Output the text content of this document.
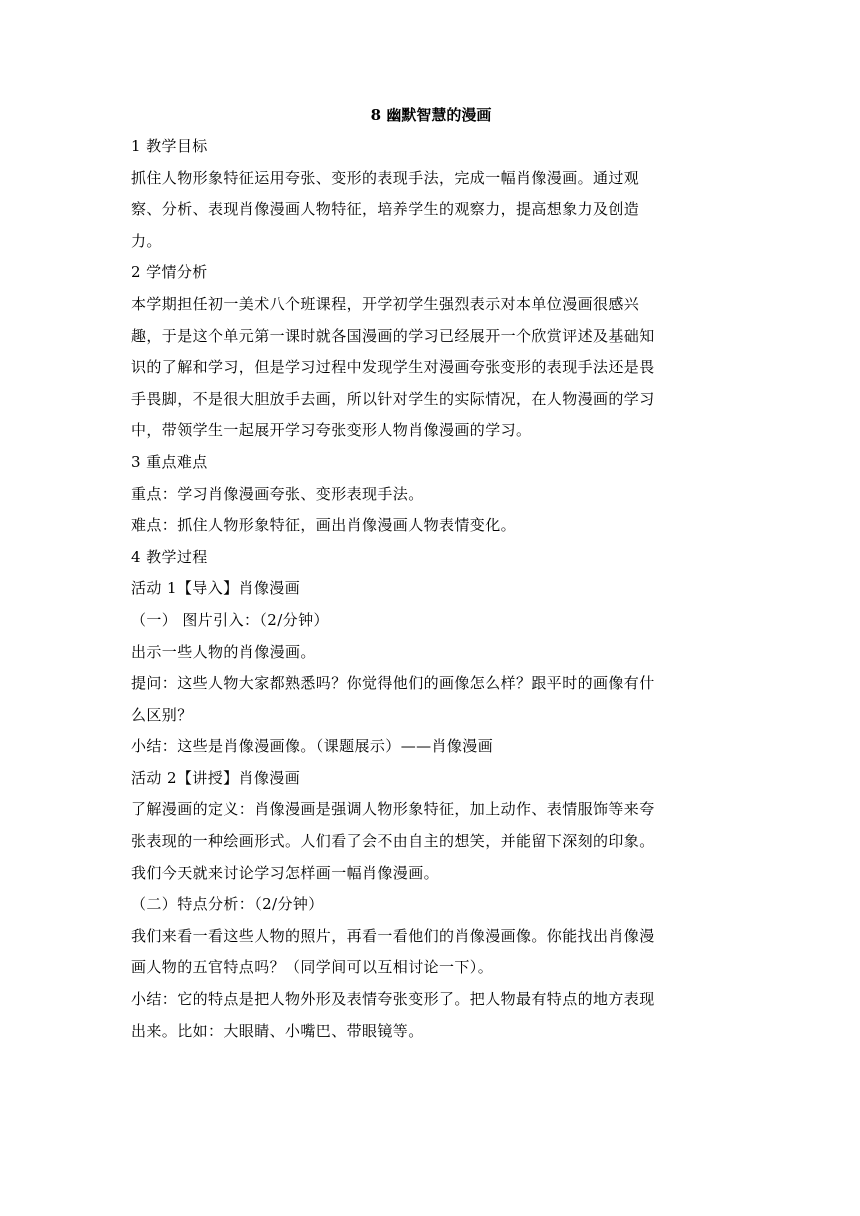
8 幽默智慧的漫画

1 教学目标

抓住人物形象特征运用夸张、变形的表现手法，完成一幅肖像漫画。通过观

察、分析、表现肖像漫画人物特征，培养学生的观察力，提高想象力及创造

力。

2 学情分析

本学期担任初一美术八个班课程，开学初学生强烈表示对本单位漫画很感兴

趣，于是这个单元第一课时就各国漫画的学习已经展开一个欣赏评述及基础知

识的了解和学习，但是学习过程中发现学生对漫画夸张变形的表现手法还是畏

手畏脚，不是很大胆放手去画，所以针对学生的实际情况，在人物漫画的学习

中，带领学生一起展开学习夸张变形人物肖像漫画的学习。

3 重点难点

重点：学习肖像漫画夸张、变形表现手法。

难点：抓住人物形象特征，画出肖像漫画人物表情变化。

4 教学过程

活动 1【导入】肖像漫画

（一） 图片引入：（2/分钟）

出示一些人物的肖像漫画。

提问：这些人物大家都熟悉吗？你觉得他们的画像怎么样？跟平时的画像有什

么区别？

小结：这些是肖像漫画像。（课题展示）——肖像漫画

活动 2【讲授】肖像漫画

了解漫画的定义：肖像漫画是强调人物形象特征，加上动作、表情服饰等来夸

张表现的一种绘画形式。人们看了会不由自主的想笑，并能留下深刻的印象。

我们今天就来讨论学习怎样画一幅肖像漫画。

（二）特点分析：（2/分钟）

我们来看一看这些人物的照片，再看一看他们的肖像漫画像。你能找出肖像漫

画人物的五官特点吗？（同学间可以互相讨论一下）。

小结：它的特点是把人物外形及表情夸张变形了。把人物最有特点的地方表现

出来。比如：大眼睛、小嘴巴、带眼镜等。
